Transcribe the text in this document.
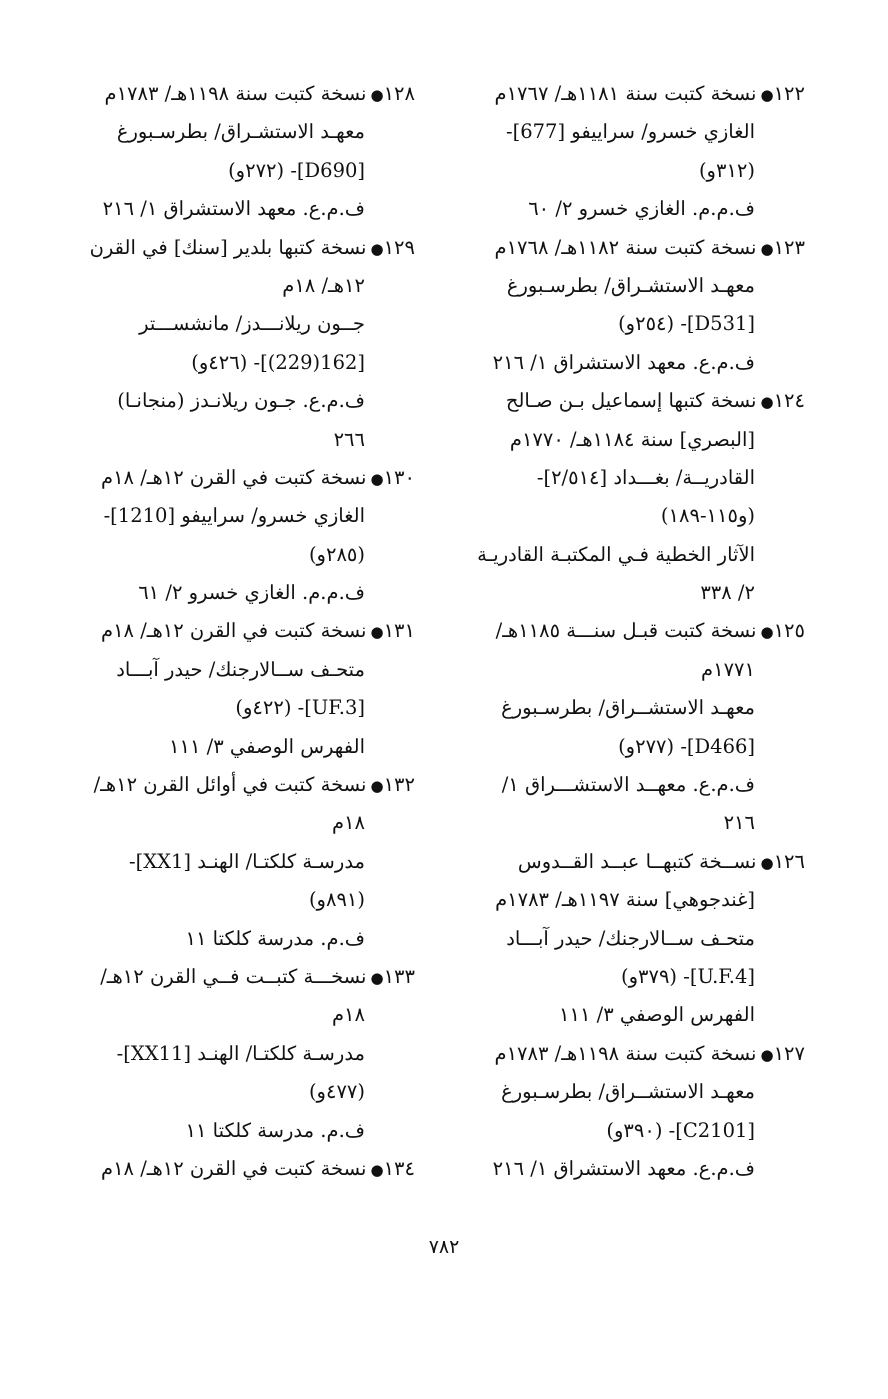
١٢٢●نسخة كتبت سنة ١١٨١هـ/ ١٧٦٧م
الغازي خسرو/ سراييفو [677]-
(٣١٢و)
ف.م.م. الغازي خسرو ٢/ ٦٠
١٢٣●نسخة كتبت سنة ١١٨٢هـ/ ١٧٦٨م
معهـد الاستشـراق/ بطرسـبورغ
[D531]- (٢٥٤و)
ف.م.ع. معهد الاستشراق ١/ ٢١٦
١٢٤●نسخة كتبها إسماعيل بـن صـالح
[البصري] سنة ١١٨٤هـ/ ١٧٧٠م
القادريــة/ بغـــداد [٢/٥١٤]-
(و١١٥-١٨٩)
الآثار الخطية فـي المكتبـة القادريـة
٢/ ٣٣٨
١٢٥●نسخة كتبت قبـل سنـــة ١١٨٥هـ/
١٧٧١م
معهـد الاستشــراق/ بطرسـبورغ
[D466]- (٢٧٧و)
ف.م.ع. معهــد الاستشـــراق ١/
٢١٦
١٢٦●نســخة كتبهــا عبــد القــدوس
[غندجوهي] سنة ١١٩٧هـ/ ١٧٨٣م
متحـف ســالارجنك/ حيدر آبـــاد
[U.F.4]- (٣٧٩و)
الفهرس الوصفي ٣/ ١١١
١٢٧●نسخة كتبت سنة ١١٩٨هـ/ ١٧٨٣م
معهـد الاستشــراق/ بطرسـبورغ
[C2101]- (٣٩٠و)
ف.م.ع. معهد الاستشراق ١/ ٢١٦
١٢٨●نسخة كتبت سنة ١١٩٨هـ/ ١٧٨٣م
معهـد الاستشـراق/ بطرسـبورغ
[D690]- (٢٧٢و)
ف.م.ع. معهد الاستشراق ١/ ٢١٦
١٢٩●نسخة كتبها بلدير [سنك] في القرن
١٢هـ/ ١٨م
جــون ريلانـــدز/ مانشســـتر
[162(229)]- (٤٢٦و)
ف.م.ع. جـون ريلانـدز (منجانـا)
٢٦٦
١٣٠●نسخة كتبت في القرن ١٢هـ/ ١٨م
الغازي خسرو/ سراييفو [1210]-
(٢٨٥و)
ف.م.م. الغازي خسرو ٢/ ٦١
١٣١●نسخة كتبت في القرن ١٢هـ/ ١٨م
متحـف ســالارجنك/ حيدر آبـــاد
[UF.3]- (٤٢٢و)
الفهرس الوصفي ٣/ ١١١
١٣٢●نسخة كتبت في أوائل القرن ١٢هـ/
١٨م
مدرسـة كلكتـا/ الهنـد [XX1]-
(٨٩١و)
ف.م. مدرسة كلكتا ١١
١٣٣●نسخـــة كتبــت فــي القرن ١٢هـ/
١٨م
مدرسـة كلكتـا/ الهنـد [XX11]-
(٤٧٧و)
ف.م. مدرسة كلكتا ١١
١٣٤●نسخة كتبت في القرن ١٢هـ/ ١٨م
٧٨٢
